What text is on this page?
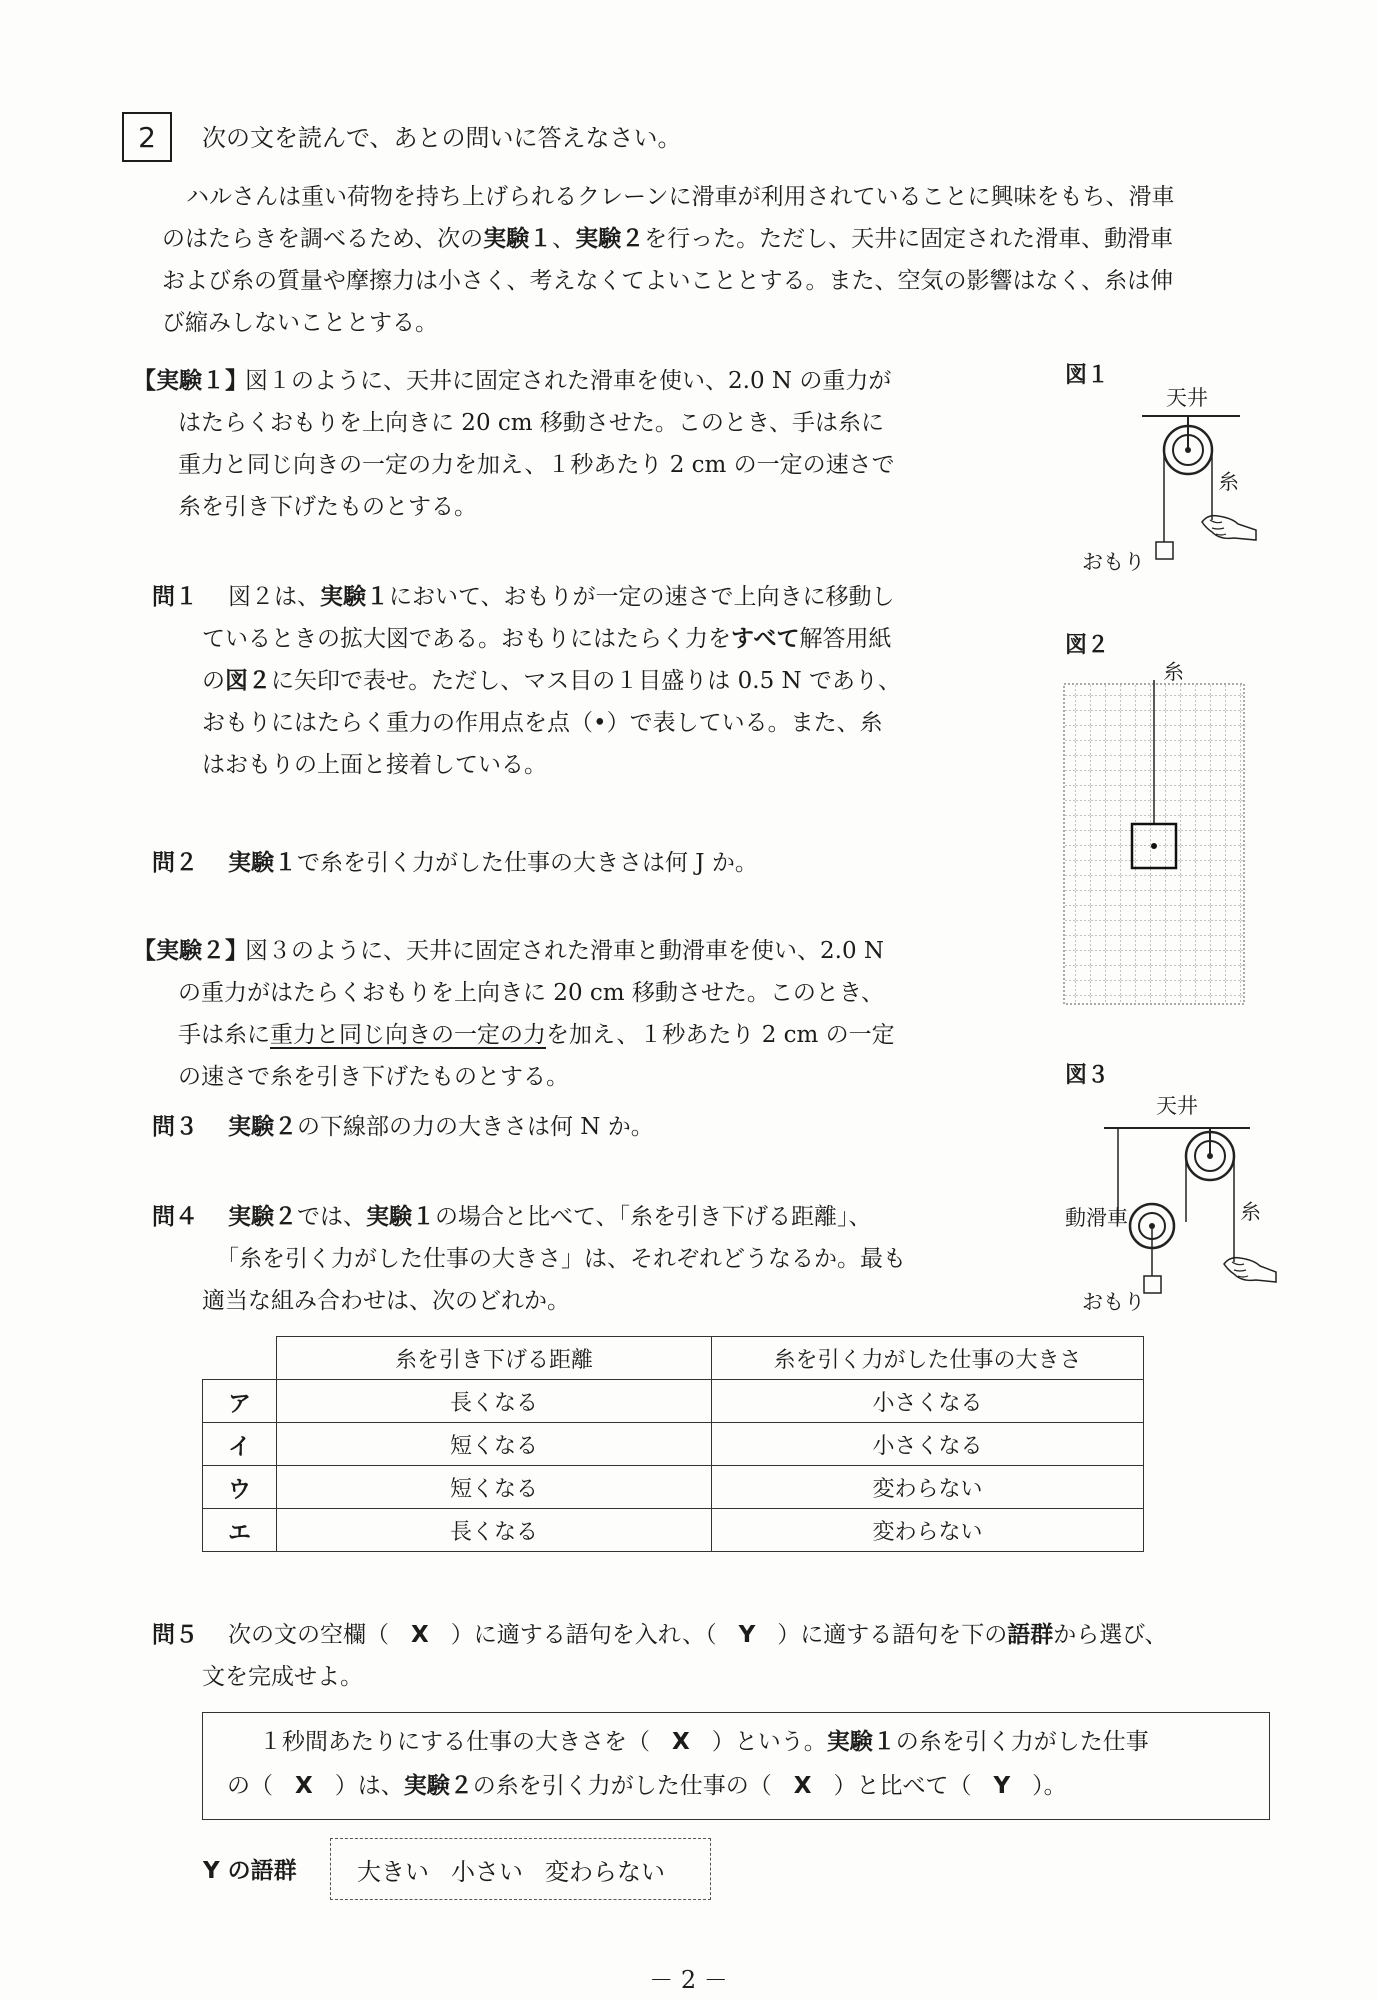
2 次の文を読んで、あとの問いに答えなさい。
ハルさんは重い荷物を持ち上げられるクレーンに滑車が利用されていることに興味をもち、滑車
のはたらきを調べるため、次の実験１、実験２を行った。ただし、天井に固定された滑車、動滑車
および糸の質量や摩擦力は小さく、考えなくてよいこととする。また、空気の影響はなく、糸は伸
び縮みしないこととする。
【実験１】
図１のように、天井に固定された滑車を使い、2.0 N の重力が
はたらくおもりを上向きに 20 cm 移動させた。このとき、手は糸に
重力と同じ向きの一定の力を加え、１秒あたり 2 cm の一定の速さで
糸を引き下げたものとする。
問１ 図２は、実験１において、おもりが一定の速さで上向きに移動し
ているときの拡大図である。おもりにはたらく力をすべて解答用紙
の図２に矢印で表せ。ただし、マス目の１目盛りは 0.5 N であり、
おもりにはたらく重力の作用点を点（•）で表している。また、糸
はおもりの上面と接着している。
問２ 実験１で糸を引く力がした仕事の大きさは何 J か。
【実験２】
図３のように、天井に固定された滑車と動滑車を使い、2.0 N
の重力がはたらくおもりを上向きに 20 cm 移動させた。このとき、
手は糸に重力と同じ向きの一定の力を加え、１秒あたり 2 cm の一定
の速さで糸を引き下げたものとする。
問３ 実験２の下線部の力の大きさは何 N か。
問４ 実験２では、実験１の場合と比べて、「糸を引き下げる距離」、
「糸を引く力がした仕事の大きさ」は、それぞれどうなるか。最も
適当な組み合わせは、次のどれか。
	糸を引き下げる距離	糸を引く力がした仕事の大きさ
ア	長くなる	小さくなる
イ	短くなる	小さくなる
ウ	短くなる	変わらない
エ	長くなる	変わらない
問５ 次の文の空欄（ X ）に適する語句を入れ、（ Y ）に適する語句を下の語群から選び、
文を完成せよ。
１秒間あたりにする仕事の大きさを（ X ）という。実験１の糸を引く力がした仕事
の（ X ）は、実験２の糸を引く力がした仕事の（ X ）と比べて（ Y ）。
Y の語群	大きい 小さい 変わらない
－ 2 －
図１
天井
糸
おもり
図２
糸
図３
天井
動滑車	糸
おもり
